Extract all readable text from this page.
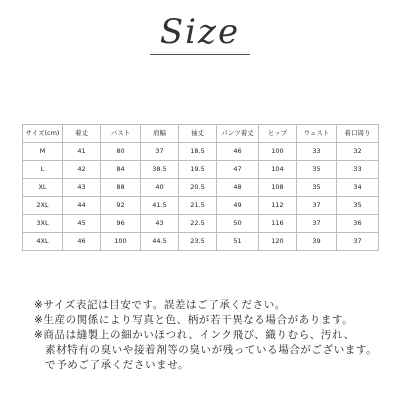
Size
サイズ(cm)	着丈	バスト	肩幅	袖丈	パンツ着丈	ヒップ	ウェスト	着口周り
M	41	80	37	18.5	46	100	33	32
L	42	84	38.5	19.5	47	104	35	33
XL	43	88	40	20.5	48	108	35	34
2XL	44	92	41.5	21.5	49	112	37	35
3XL	45	96	43	22.5	50	116	37	36
4XL	46	100	44.5	23.5	51	120	39	37
※サイズ表記は目安です。誤差はご了承ください。
※生産の関係により写真と色、柄が若干異なる場合があります。
※商品は縫製上の細かいほつれ、インク飛び、織りむら、汚れ、
　素材特有の臭いや接着剤等の臭いが残っている場合がございます。
　で予めご了承くださいませ。
